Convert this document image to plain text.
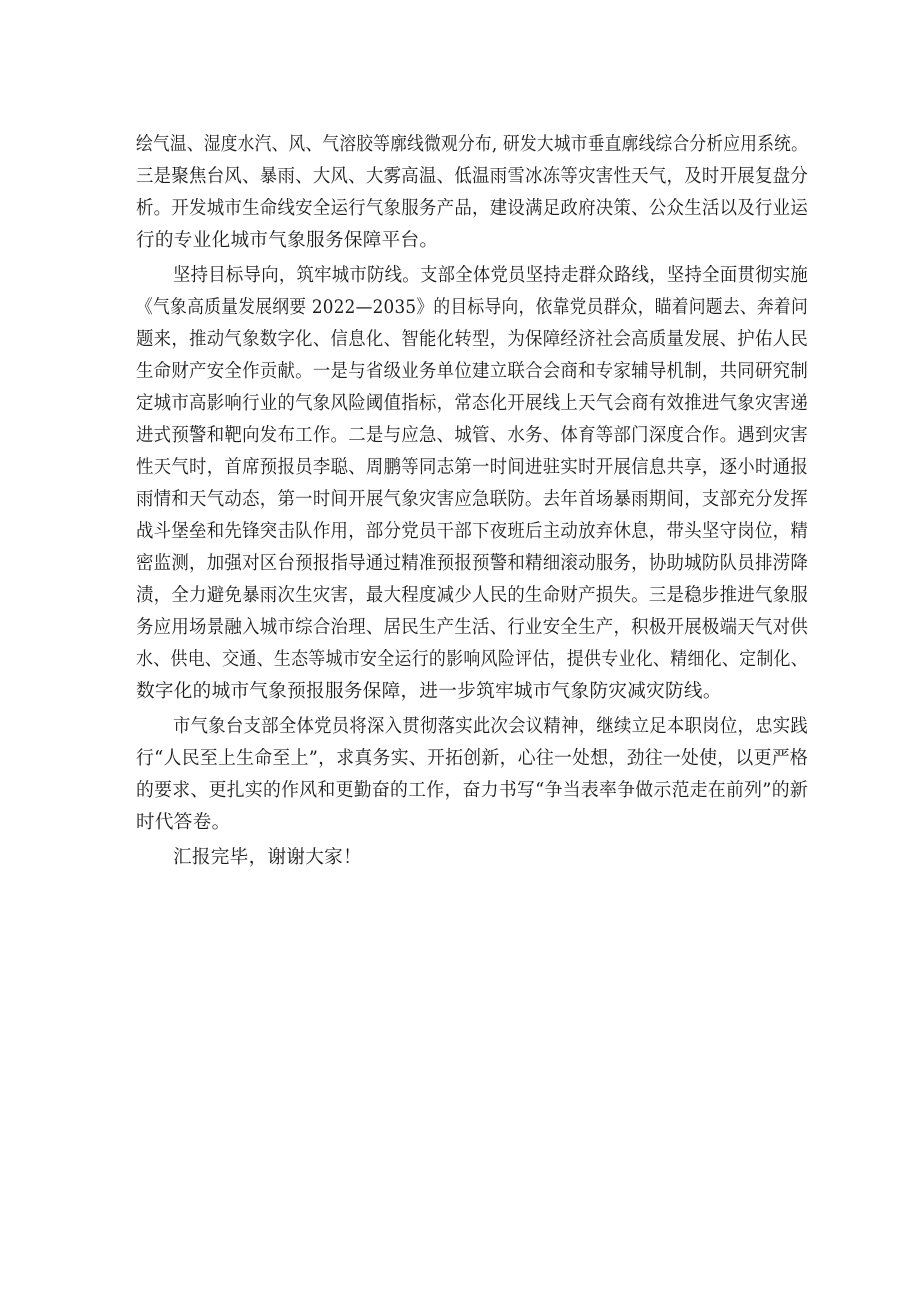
绘气温、湿度水汽、风、气溶胶等廓线微观分布, 研发大城市垂直廓线综合分析应用系统。
三是聚焦台风、暴雨、大风、大雾高温、低温雨雪冰冻等灾害性天气，及时开展复盘分
析。开发城市生命线安全运行气象服务产品，建设满足政府决策、公众生活以及行业运
行的专业化城市气象服务保障平台。
坚持目标导向，筑牢城市防线。支部全体党员坚持走群众路线，坚持全面贯彻实施
《气象高质量发展纲要 2022—2035》的目标导向，依靠党员群众，瞄着问题去、奔着问
题来，推动气象数字化、信息化、智能化转型，为保障经济社会高质量发展、护佑人民
生命财产安全作贡献。一是与省级业务单位建立联合会商和专家辅导机制，共同研究制
定城市高影响行业的气象风险阈值指标，常态化开展线上天气会商有效推进气象灾害递
进式预警和靶向发布工作。二是与应急、城管、水务、体育等部门深度合作。遇到灾害
性天气时，首席预报员李聪、周鹏等同志第一时间进驻实时开展信息共享，逐小时通报
雨情和天气动态，第一时间开展气象灾害应急联防。去年首场暴雨期间，支部充分发挥
战斗堡垒和先锋突击队作用，部分党员干部下夜班后主动放弃休息，带头坚守岗位，精
密监测，加强对区台预报指导通过精准预报预警和精细滚动服务，协助城防队员排涝降
渍，全力避免暴雨次生灾害，最大程度减少人民的生命财产损失。三是稳步推进气象服
务应用场景融入城市综合治理、居民生产生活、行业安全生产，积极开展极端天气对供
水、供电、交通、生态等城市安全运行的影响风险评估，提供专业化、精细化、定制化、
数字化的城市气象预报服务保障，进一步筑牢城市气象防灾减灾防线。
市气象台支部全体党员将深入贯彻落实此次会议精神，继续立足本职岗位，忠实践
行“人民至上生命至上”，求真务实、开拓创新，心往一处想，劲往一处使，以更严格
的要求、更扎实的作风和更勤奋的工作，奋力书写“争当表率争做示范走在前列”的新
时代答卷。
汇报完毕，谢谢大家！
